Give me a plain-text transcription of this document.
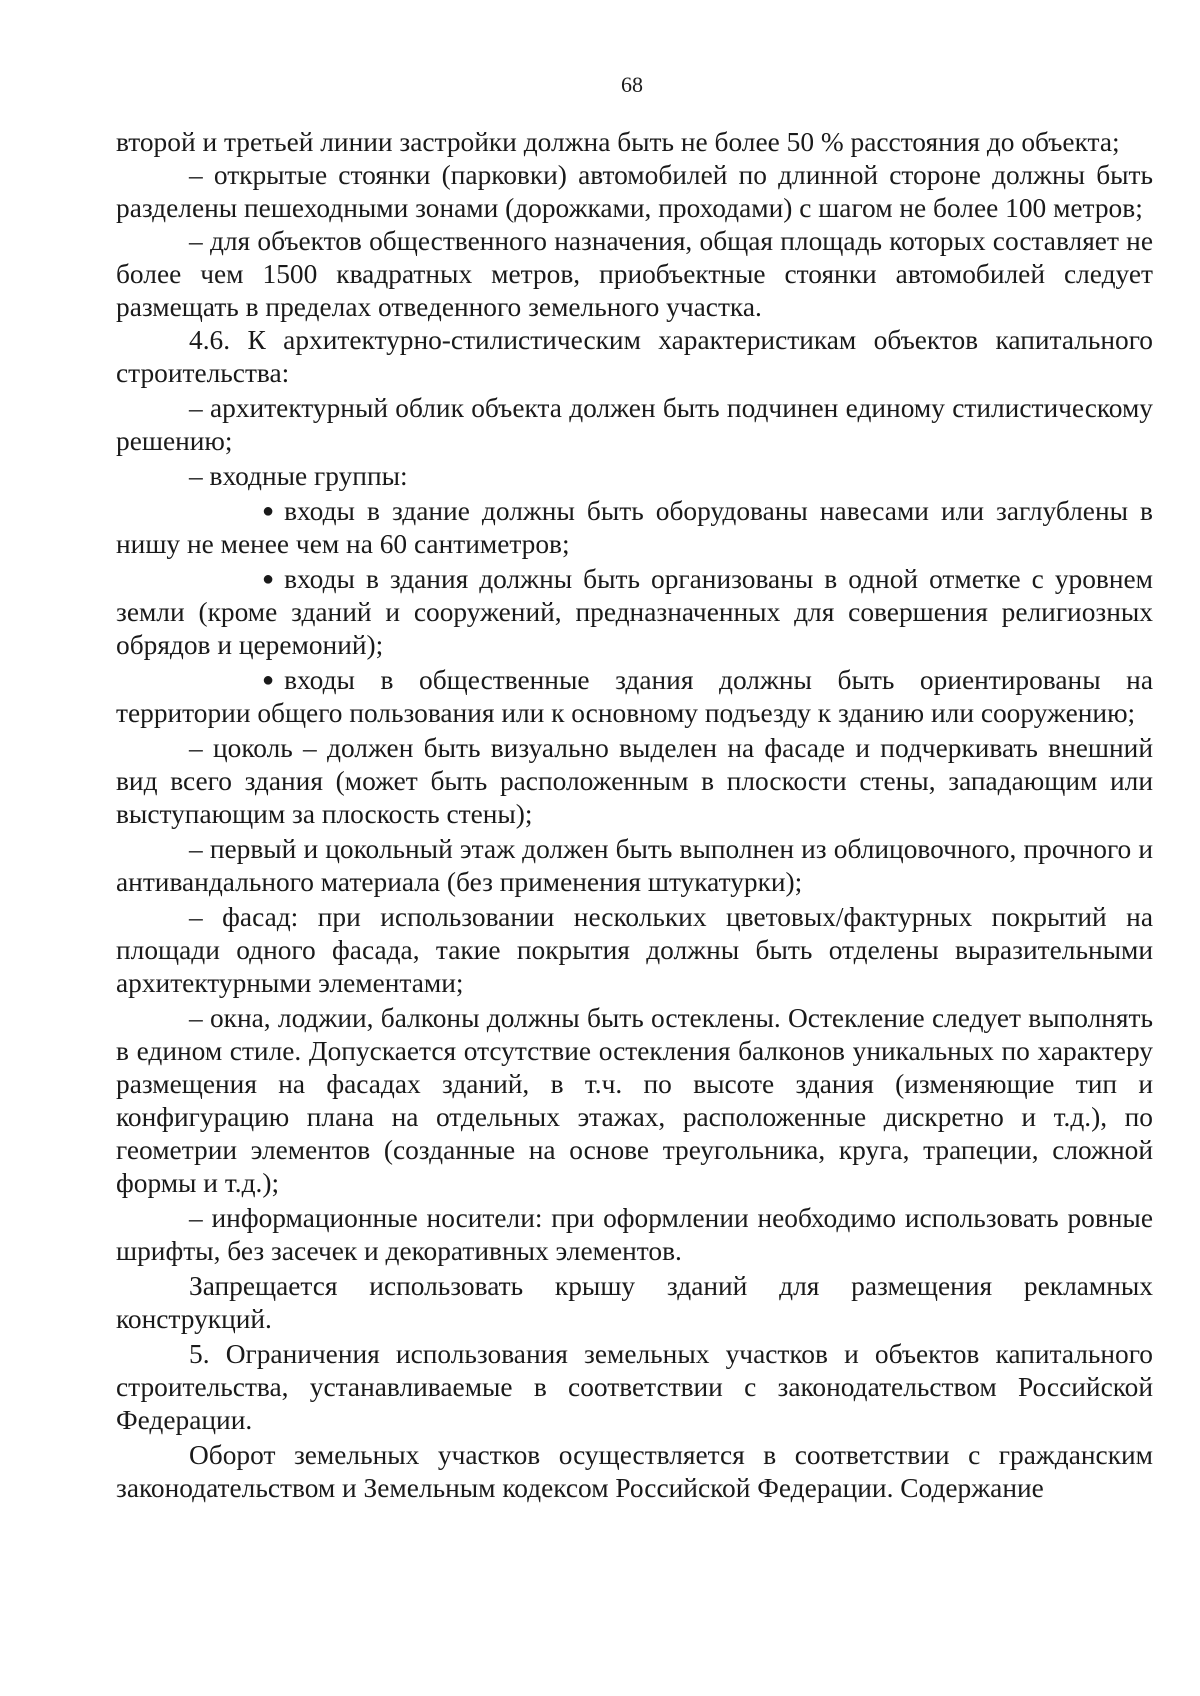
68

второй и третьей линии застройки должна быть не более 50 % расстояния до объекта;

– открытые стоянки (парковки) автомобилей по длинной стороне должны быть разделены пешеходными зонами (дорожками, проходами) с шагом не более 100 метров;

– для объектов общественного назначения, общая площадь которых составляет не более чем 1500 квадратных метров, приобъектные стоянки автомобилей следует размещать в пределах отведенного земельного участка.

4.6. К архитектурно-стилистическим характеристикам объектов капитального строительства:

– архитектурный облик объекта должен быть подчинен единому стилистическому решению;

– входные группы:

● входы в здание должны быть оборудованы навесами или заглублены в нишу не менее чем на 60 сантиметров;

● входы в здания должны быть организованы в одной отметке с уровнем земли (кроме зданий и сооружений, предназначенных для совершения религиозных обрядов и церемоний);

● входы в общественные здания должны быть ориентированы на территории общего пользования или к основному подъезду к зданию или сооружению;

– цоколь – должен быть визуально выделен на фасаде и подчеркивать внешний вид всего здания (может быть расположенным в плоскости стены, западающим или выступающим за плоскость стены);

– первый и цокольный этаж должен быть выполнен из облицовочного, прочного и антивандального материала (без применения штукатурки);

– фасад: при использовании нескольких цветовых/фактурных покрытий на площади одного фасада, такие покрытия должны быть отделены выразительными архитектурными элементами;

– окна, лоджии, балконы должны быть остеклены. Остекление следует выполнять в едином стиле. Допускается отсутствие остекления балконов уникальных по характеру размещения на фасадах зданий, в т.ч. по высоте здания (изменяющие тип и конфигурацию плана на отдельных этажах, расположенные дискретно и т.д.), по геометрии элементов (созданные на основе треугольника, круга, трапеции, сложной формы и т.д.);

– информационные носители: при оформлении необходимо использовать ровные шрифты, без засечек и декоративных элементов.

Запрещается использовать крышу зданий для размещения рекламных конструкций.

5. Ограничения использования земельных участков и объектов капитального строительства, устанавливаемые в соответствии с законодательством Российской Федерации.

Оборот земельных участков осуществляется в соответствии с гражданским законодательством и Земельным кодексом Российской Федерации. Содержание
